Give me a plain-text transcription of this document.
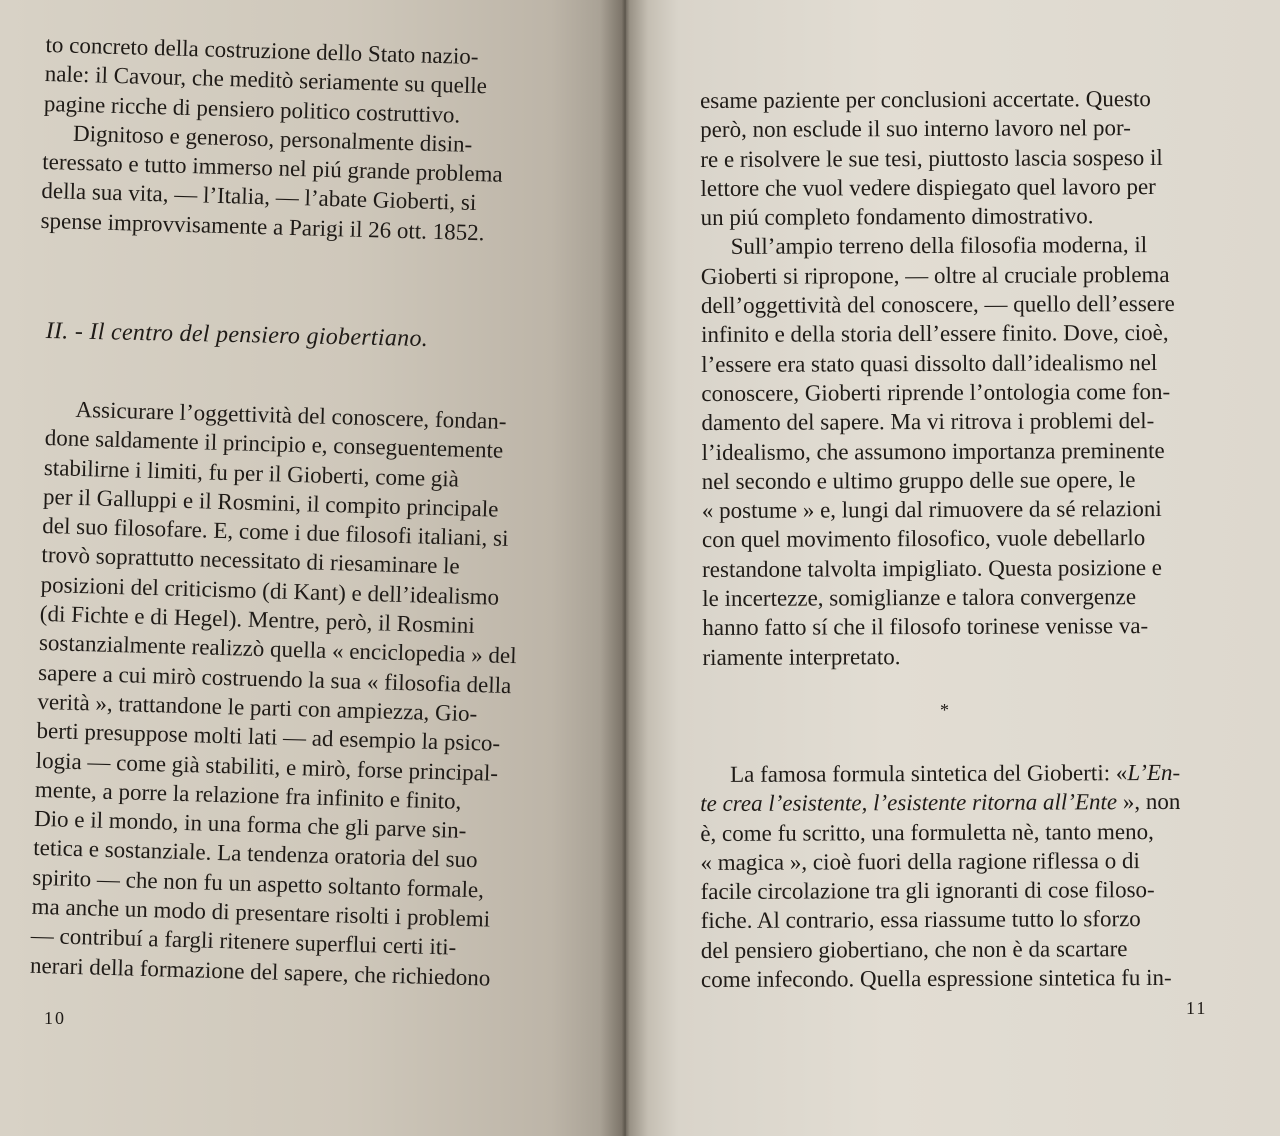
to concreto della costruzione dello Stato nazio-
nale: il Cavour, che meditò seriamente su quelle
pagine ricche di pensiero politico costruttivo.
Dignitoso e generoso, personalmente disin-
teressato e tutto immerso nel piú grande problema
della sua vita, — l’Italia, — l’abate Gioberti, si
spense improvvisamente a Parigi il 26 ott. 1852.
II. - Il centro del pensiero giobertiano.
Assicurare l’oggettività del conoscere, fondan-
done saldamente il principio e, conseguentemente
stabilirne i limiti, fu per il Gioberti, come già
per il Galluppi e il Rosmini, il compito principale
del suo filosofare. E, come i due filosofi italiani, si
trovò soprattutto necessitato di riesaminare le
posizioni del criticismo (di Kant) e dell’idealismo
(di Fichte e di Hegel). Mentre, però, il Rosmini
sostanzialmente realizzò quella « enciclopedia » del
sapere a cui mirò costruendo la sua « filosofia della
verità », trattandone le parti con ampiezza, Gio-
berti presuppose molti lati — ad esempio la psico-
logia — come già stabiliti, e mirò, forse principal-
mente, a porre la relazione fra infinito e finito,
Dio e il mondo, in una forma che gli parve sin-
tetica e sostanziale. La tendenza oratoria del suo
spirito — che non fu un aspetto soltanto formale,
ma anche un modo di presentare risolti i problemi
— contribuí a fargli ritenere superflui certi iti-
nerari della formazione del sapere, che richiedono
10
esame paziente per conclusioni accertate. Questo
però, non esclude il suo interno lavoro nel por-
re e risolvere le sue tesi, piuttosto lascia sospeso il
lettore che vuol vedere dispiegato quel lavoro per
un piú completo fondamento dimostrativo.
Sull’ampio terreno della filosofia moderna, il
Gioberti si ripropone, — oltre al cruciale problema
dell’oggettività del conoscere, — quello dell’essere
infinito e della storia dell’essere finito. Dove, cioè,
l’essere era stato quasi dissolto dall’idealismo nel
conoscere, Gioberti riprende l’ontologia come fon-
damento del sapere. Ma vi ritrova i problemi del-
l’idealismo, che assumono importanza preminente
nel secondo e ultimo gruppo delle sue opere, le
« postume » e, lungi dal rimuovere da sé relazioni
con quel movimento filosofico, vuole debellarlo
restandone talvolta impigliato. Questa posizione e
le incertezze, somiglianze e talora convergenze
hanno fatto sí che il filosofo torinese venisse va-
riamente interpretato.
*
La famosa formula sintetica del Gioberti: «L’En-
te crea l’esistente, l’esistente ritorna all’Ente », non
è, come fu scritto, una formuletta nè, tanto meno,
« magica », cioè fuori della ragione riflessa o di
facile circolazione tra gli ignoranti di cose filoso-
fiche. Al contrario, essa riassume tutto lo sforzo
del pensiero giobertiano, che non è da scartare
come infecondo. Quella espressione sintetica fu in-
11
